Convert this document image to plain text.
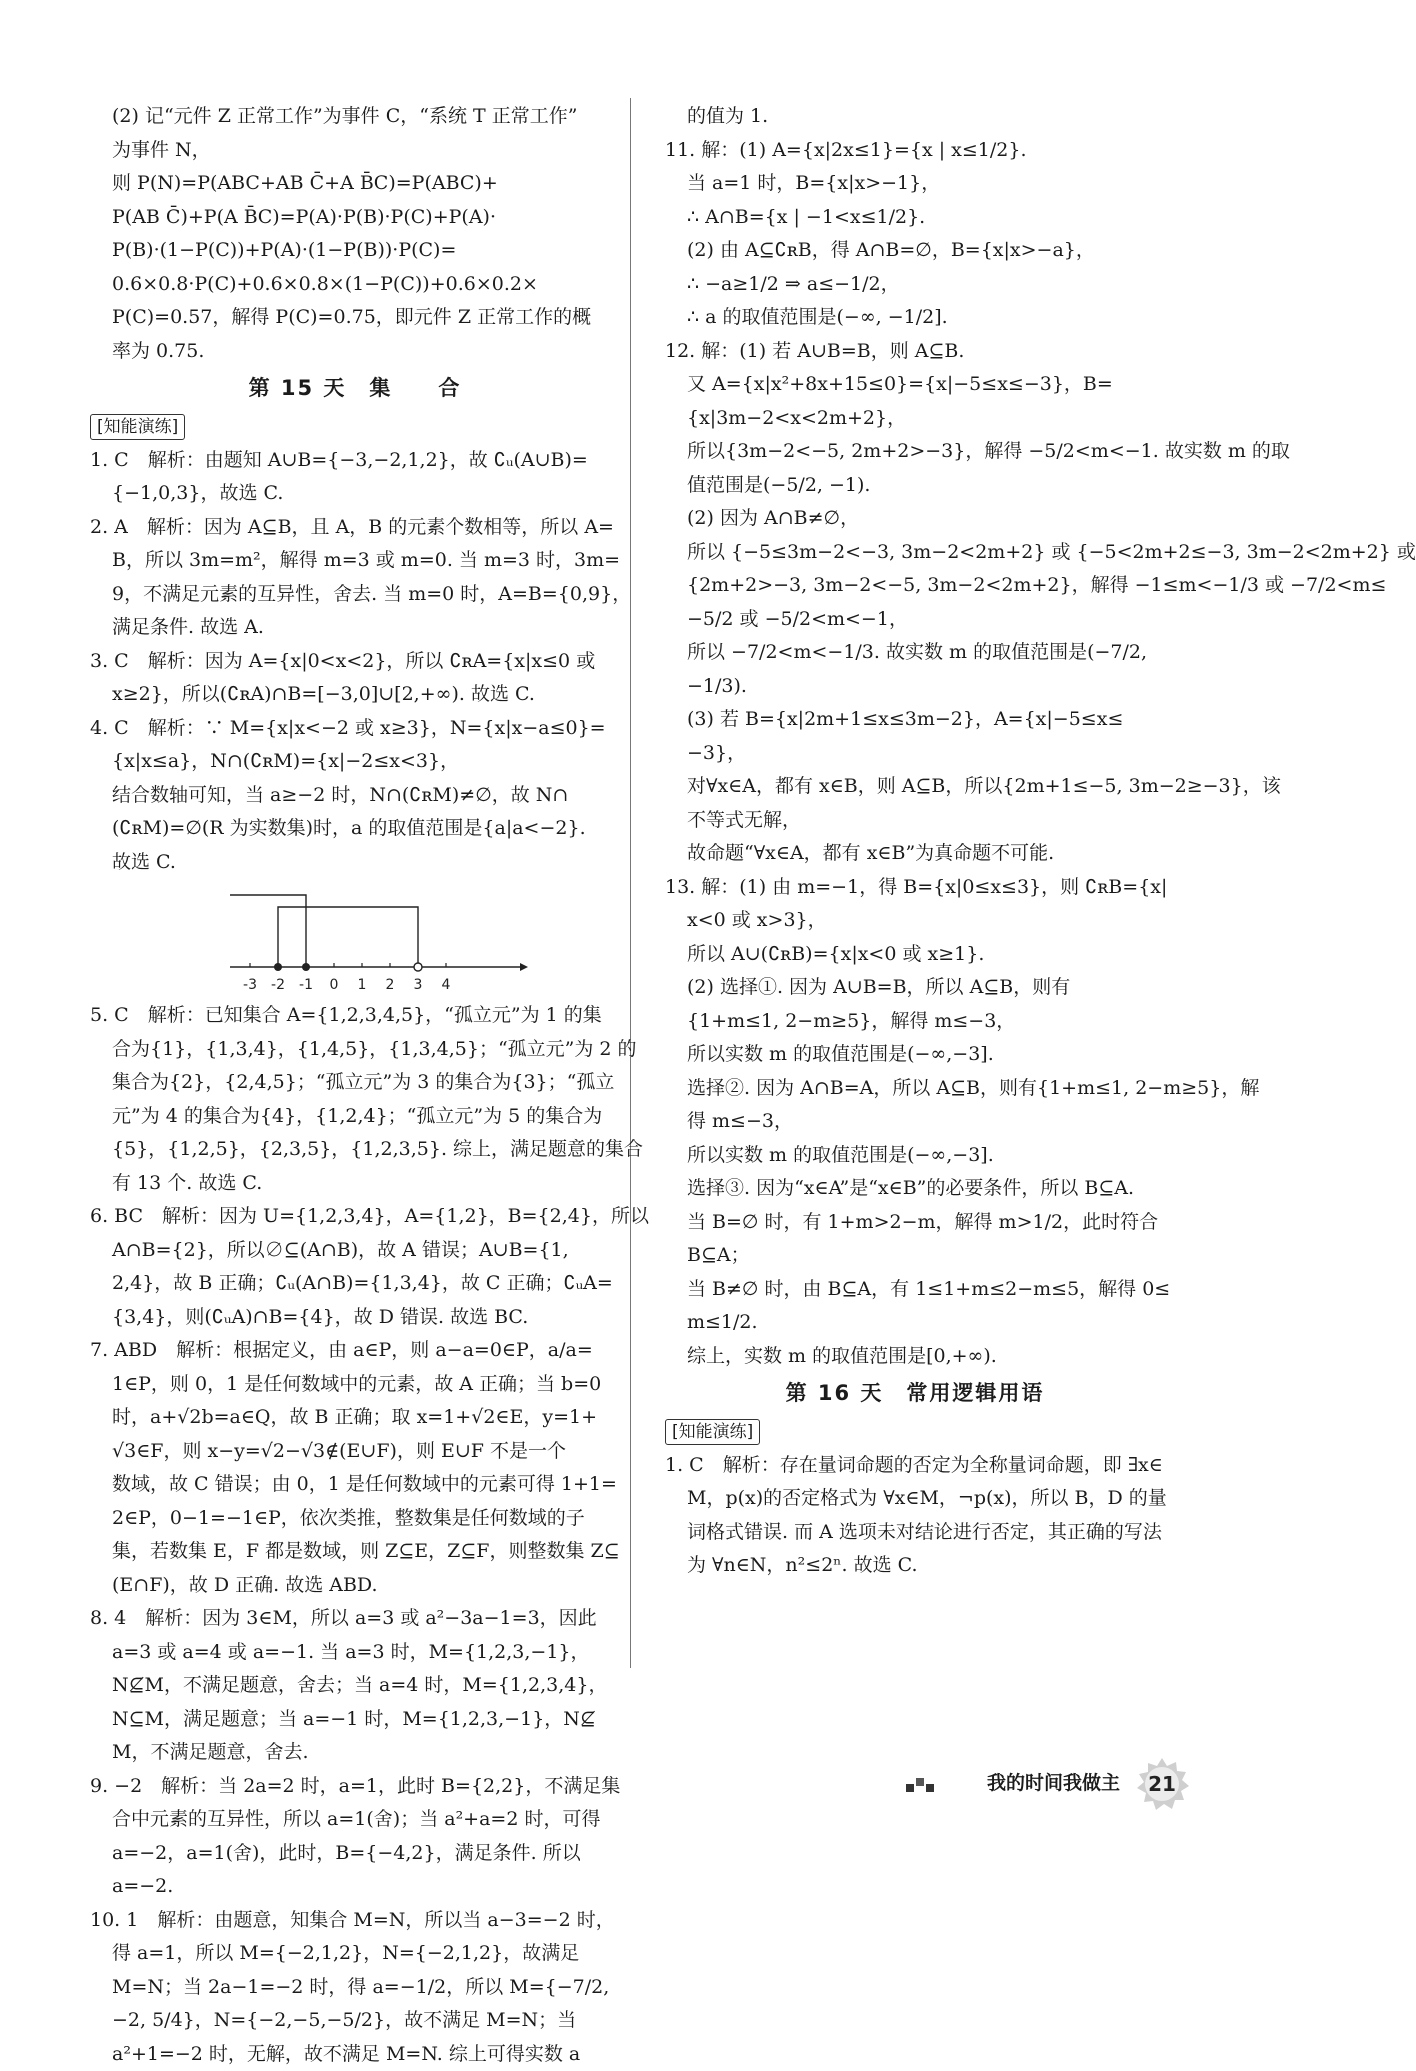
(2) 记“元件 Z 正常工作”为事件 C，“系统 T 正常工作”
为事件 N，
则 P(N)=P(ABC+AB C̄+A B̄C)=P(ABC)+
P(AB C̄)+P(A B̄C)=P(A)·P(B)·P(C)+P(A)·
P(B)·(1−P(C))+P(A)·(1−P(B))·P(C)=
0.6×0.8·P(C)+0.6×0.8×(1−P(C))+0.6×0.2×
P(C)=0.57，解得 P(C)=0.75，即元件 Z 正常工作的概
率为 0.75.
第 15 天　集　　合
[知能演练]
1. C　解析：由题知 A∪B={−3,−2,1,2}，故 ∁ᵤ(A∪B)=
{−1,0,3}，故选 C.
2. A　解析：因为 A⊆B，且 A，B 的元素个数相等，所以 A=
B，所以 3m=m²，解得 m=3 或 m=0. 当 m=3 时，3m=
9，不满足元素的互异性，舍去. 当 m=0 时，A=B={0,9}，
满足条件. 故选 A.
3. C　解析：因为 A={x|0<x<2}，所以 ∁ʀA={x|x≤0 或
x≥2}，所以(∁ʀA)∩B=[−3,0]∪[2,+∞). 故选 C.
4. C　解析：∵ M={x|x<−2 或 x≥3}，N={x|x−a≤0}=
{x|x≤a}，N∩(∁ʀM)={x|−2≤x<3}，
结合数轴可知，当 a≥−2 时，N∩(∁ʀM)≠∅，故 N∩
(∁ʀM)=∅(R 为实数集)时，a 的取值范围是{a|a<−2}.
故选 C.
-3 -2 -1 0 1 2 3 4
5. C　解析：已知集合 A={1,2,3,4,5}，“孤立元”为 1 的集
合为{1}，{1,3,4}，{1,4,5}，{1,3,4,5}；“孤立元”为 2 的
集合为{2}，{2,4,5}；“孤立元”为 3 的集合为{3}；“孤立
元”为 4 的集合为{4}，{1,2,4}；“孤立元”为 5 的集合为
{5}，{1,2,5}，{2,3,5}，{1,2,3,5}. 综上，满足题意的集合
有 13 个. 故选 C.
6. BC　解析：因为 U={1,2,3,4}，A={1,2}，B={2,4}，所以
A∩B={2}，所以∅⊆(A∩B)，故 A 错误；A∪B={1,
2,4}，故 B 正确；∁ᵤ(A∩B)={1,3,4}，故 C 正确；∁ᵤA=
{3,4}，则(∁ᵤA)∩B={4}，故 D 错误. 故选 BC.
7. ABD　解析：根据定义，由 a∈P，则 a−a=0∈P，a/a=
1∈P，则 0，1 是任何数域中的元素，故 A 正确；当 b=0
时，a+√2b=a∈Q，故 B 正确；取 x=1+√2∈E，y=1+
√3∈F，则 x−y=√2−√3∉(E∪F)，则 E∪F 不是一个
数域，故 C 错误；由 0，1 是任何数域中的元素可得 1+1=
2∈P，0−1=−1∈P，依次类推，整数集是任何数域的子
集，若数集 E，F 都是数域，则 Z⊆E，Z⊆F，则整数集 Z⊆
(E∩F)，故 D 正确. 故选 ABD.
8. 4　解析：因为 3∈M，所以 a=3 或 a²−3a−1=3，因此
a=3 或 a=4 或 a=−1. 当 a=3 时，M={1,2,3,−1}，
N⊈M，不满足题意，舍去；当 a=4 时，M={1,2,3,4}，
N⊆M，满足题意；当 a=−1 时，M={1,2,3,−1}，N⊈
M，不满足题意，舍去.
9. −2　解析：当 2a=2 时，a=1，此时 B={2,2}，不满足集
合中元素的互异性，所以 a=1(舍)；当 a²+a=2 时，可得
a=−2，a=1(舍)，此时，B={−4,2}，满足条件. 所以
a=−2.
10. 1　解析：由题意，知集合 M=N，所以当 a−3=−2 时，
得 a=1，所以 M={−2,1,2}，N={−2,1,2}，故满足
M=N；当 2a−1=−2 时，得 a=−1/2，所以 M={−7/2,
−2, 5/4}，N={−2,−5,−5/2}，故不满足 M=N；当
a²+1=−2 时，无解，故不满足 M=N. 综上可得实数 a
的值为 1.
11. 解：(1) A={x|2x≤1}={x | x≤1/2}.
当 a=1 时，B={x|x>−1}，
∴ A∩B={x | −1<x≤1/2}.
(2) 由 A⊆∁ʀB，得 A∩B=∅，B={x|x>−a}，
∴ −a≥1/2 ⇒ a≤−1/2，
∴ a 的取值范围是(−∞, −1/2].
12. 解：(1) 若 A∪B=B，则 A⊆B.
又 A={x|x²+8x+15≤0}={x|−5≤x≤−3}，B=
{x|3m−2<x<2m+2}，
所以{3m−2<−5, 2m+2>−3}，解得 −5/2<m<−1. 故实数 m 的取
值范围是(−5/2, −1).
(2) 因为 A∩B≠∅，
所以 {−5≤3m−2<−3, 3m−2<2m+2} 或 {−5<2m+2≤−3, 3m−2<2m+2} 或
{2m+2>−3, 3m−2<−5, 3m−2<2m+2}，解得 −1≤m<−1/3 或 −7/2<m≤
−5/2 或 −5/2<m<−1，
所以 −7/2<m<−1/3. 故实数 m 的取值范围是(−7/2,
−1/3).
(3) 若 B={x|2m+1≤x≤3m−2}，A={x|−5≤x≤
−3}，
对∀x∈A，都有 x∈B，则 A⊆B，所以{2m+1≤−5, 3m−2≥−3}，该
不等式无解，
故命题“∀x∈A，都有 x∈B”为真命题不可能.
13. 解：(1) 由 m=−1，得 B={x|0≤x≤3}，则 ∁ʀB={x|
x<0 或 x>3}，
所以 A∪(∁ʀB)={x|x<0 或 x≥1}.
(2) 选择①. 因为 A∪B=B，所以 A⊆B，则有
{1+m≤1, 2−m≥5}，解得 m≤−3，
所以实数 m 的取值范围是(−∞,−3].
选择②. 因为 A∩B=A，所以 A⊆B，则有{1+m≤1, 2−m≥5}，解
得 m≤−3，
所以实数 m 的取值范围是(−∞,−3].
选择③. 因为“x∈A”是“x∈B”的必要条件，所以 B⊆A.
当 B=∅ 时，有 1+m>2−m，解得 m>1/2，此时符合
B⊆A；
当 B≠∅ 时，由 B⊆A，有 1≤1+m≤2−m≤5，解得 0≤
m≤1/2.
综上，实数 m 的取值范围是[0,+∞).
第 16 天　常用逻辑用语
[知能演练]
1. C　解析：存在量词命题的否定为全称量词命题，即 ∃x∈
M，p(x)的否定格式为 ∀x∈M，¬p(x)，所以 B，D 的量
词格式错误. 而 A 选项未对结论进行否定，其正确的写法
为 ∀n∈N，n²≤2ⁿ. 故选 C.
我的时间我做主	21
